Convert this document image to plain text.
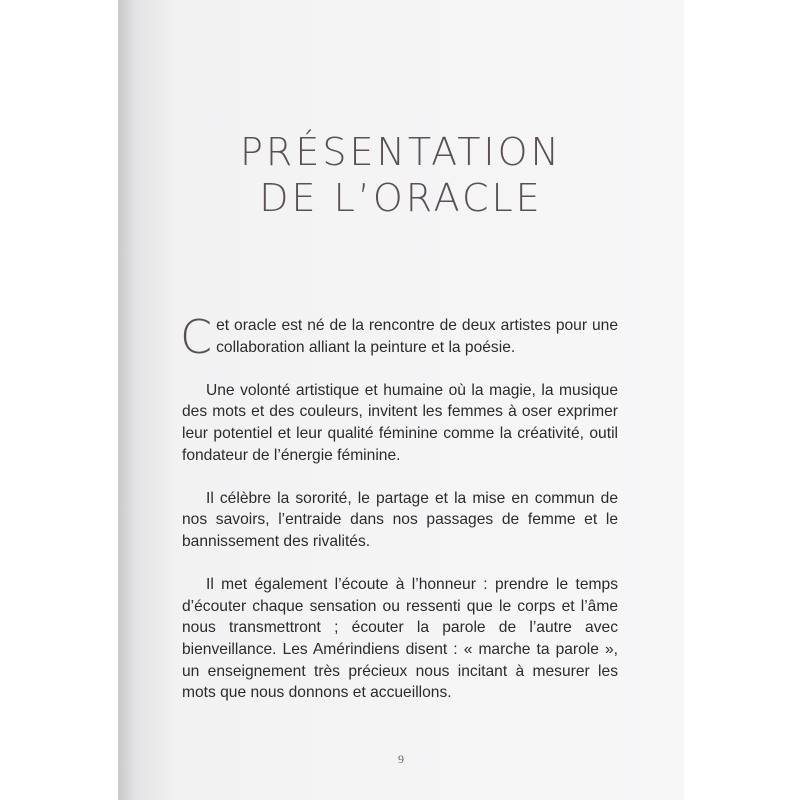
PRÉSENTATION
DE L’ORACLE

Cet oracle est né de la rencontre de deux artistes pour une collaboration alliant la peinture et la poésie.

Une volonté artistique et humaine où la magie, la musique des mots et des couleurs, invitent les femmes à oser exprimer leur potentiel et leur qualité féminine comme la créativité, outil fondateur de l’énergie féminine.

Il célèbre la sororité, le partage et la mise en commun de nos savoirs, l’entraide dans nos passages de femme et le bannissement des rivalités.

Il met également l’écoute à l’honneur : prendre le temps d’écouter chaque sensation ou ressenti que le corps et l’âme nous transmettront ; écouter la parole de l’autre avec bienveillance. Les Amérindiens disent : « marche ta parole », un enseignement très précieux nous incitant à mesurer les mots que nous donnons et accueillons.

9
